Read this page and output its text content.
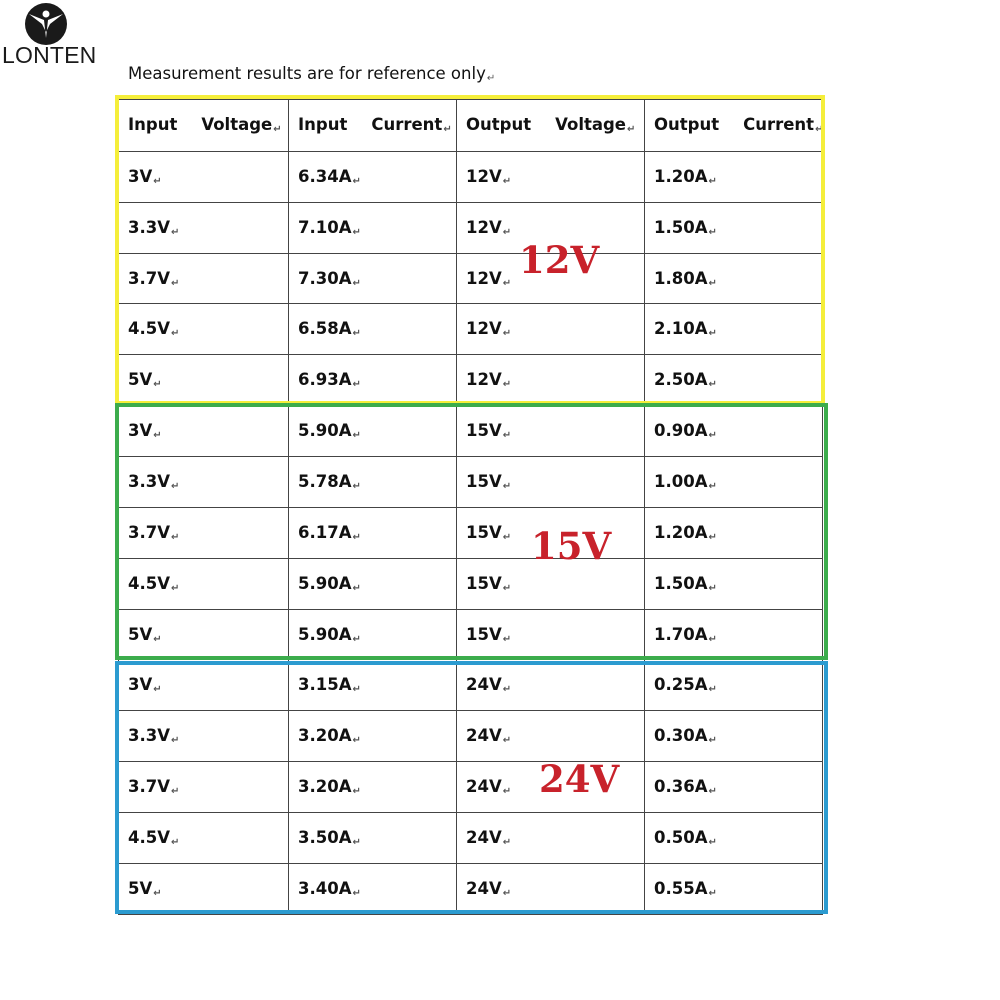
LONTEN
Measurement results are for reference only↵
Input Voltage↵	Input Current↵	Output Voltage↵	Output Current↵
3V↵	6.34A↵	12V↵	1.20A↵
3.3V↵	7.10A↵	12V↵	1.50A↵
3.7V↵	7.30A↵	12V↵	1.80A↵
4.5V↵	6.58A↵	12V↵	2.10A↵
5V↵	6.93A↵	12V↵	2.50A↵
3V↵	5.90A↵	15V↵	0.90A↵
3.3V↵	5.78A↵	15V↵	1.00A↵
3.7V↵	6.17A↵	15V↵	1.20A↵
4.5V↵	5.90A↵	15V↵	1.50A↵
5V↵	5.90A↵	15V↵	1.70A↵
3V↵	3.15A↵	24V↵	0.25A↵
3.3V↵	3.20A↵	24V↵	0.30A↵
3.7V↵	3.20A↵	24V↵	0.36A↵
4.5V↵	3.50A↵	24V↵	0.50A↵
5V↵	3.40A↵	24V↵	0.55A↵
12V
15V
24V
